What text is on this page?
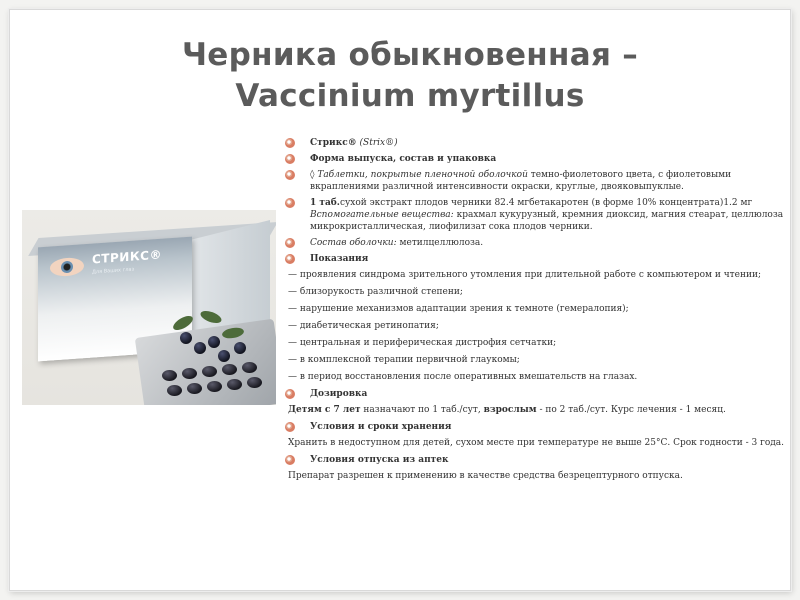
Черника обыкновенная –
Vaccinium myrtillus
СТРИКС®
Для Ваших глаз
Стрикс® (Strix®)
Форма выпуска, состав и упаковка
◊ Таблетки, покрытые пленочной оболочкой темно-фиолетового цвета, с фиолетовыми вкраплениями различной интенсивности окраски, круглые, двояковыпуклые.
1 таб.сухой экстракт плодов черники 82.4 мгбетакаротен (в форме 10% концентрата)1.2 мг Вспомогательные вещества: крахмал кукурузный, кремния диоксид, магния стеарат, целлюлоза микрокристаллическая, лиофилизат сока плодов черники.
Состав оболочки: метилцеллюлоза.
Показания
— проявления синдрома зрительного утомления при длительной работе с компьютером и чтении;
— близорукость различной степени;
— нарушение механизмов адаптации зрения к темноте (гемералопия);
— диабетическая ретинопатия;
— центральная и периферическая дистрофия сетчатки;
— в комплексной терапии первичной глаукомы;
— в период восстановления после оперативных вмешательств на глазах.
Дозировка
Детям с 7 лет назначают по 1 таб./сут, взрослым - по 2 таб./сут. Курс лечения - 1 месяц.
Условия и сроки хранения
Хранить в недоступном для детей, сухом месте при температуре не выше 25°С. Срок годности - 3 года.
Условия отпуска из аптек
Препарат разрешен к применению в качестве средства безрецептурного отпуска.
